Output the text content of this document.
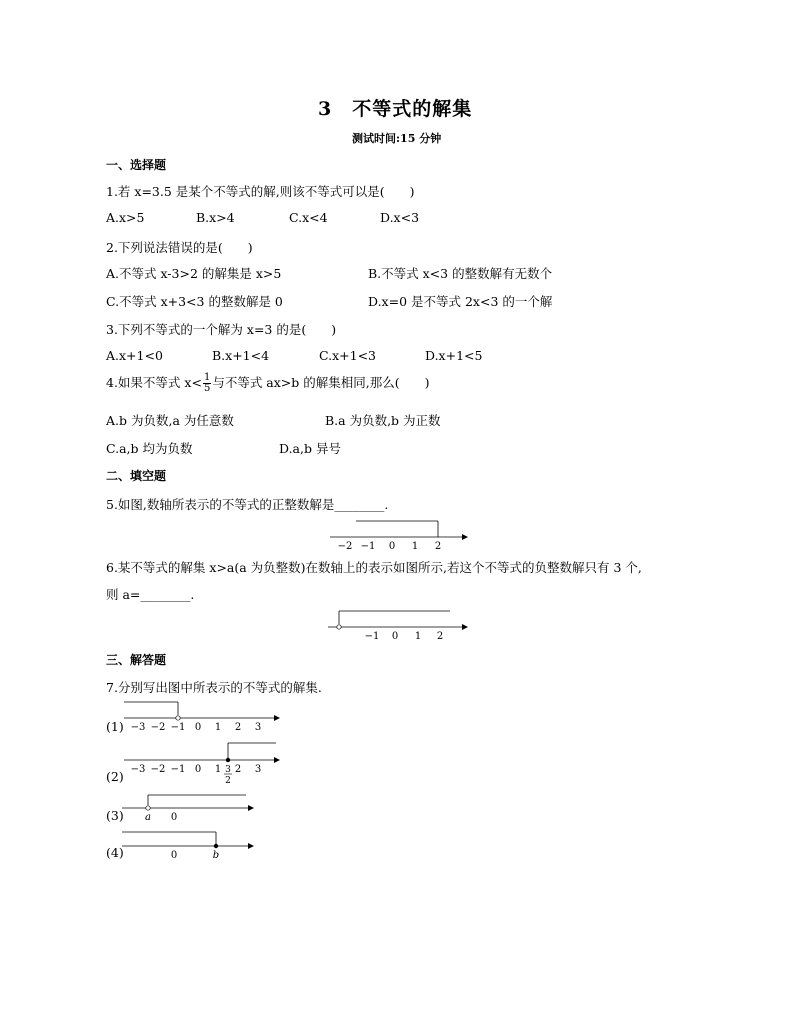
3　不等式的解集
测试时间:15 分钟
一、选择题
1.若 x=3.5 是某个不等式的解,则该不等式可以是(　　)
A.x>5	B.x>4	C.x<4	D.x<3
2.下列说法错误的是(　　)
A.不等式 x-3>2 的解集是 x>5	B.不等式 x<3 的整数解有无数个
C.不等式 x+3<3 的整数解是 0	D.x=0 是不等式 2x<3 的一个解
3.下列不等式的一个解为 x=3 的是(　　)
A.x+1<0	B.x+1<4	C.x+1<3	D.x+1<5
4.如果不等式 $x< \frac{1}{5}$ 与不等式 ax>b 的解集相同,那么(　　)
A.b 为负数,a 为任意数	B.a 为负数,b 为正数
C.a,b 均为负数	D.a,b 异号
二、填空题
5.如图,数轴所表示的不等式的正整数解是________.
−2 −1 0 1 2
6.某不等式的解集 x>a(a 为负整数)在数轴上的表示如图所示,若这个不等式的负整数解只有 3 个,
则 a=________.
−1 0 1 2
三、解答题
7.分别写出图中所表示的不等式的解集.
(1) −3 −2 −1 0 1 2 3
(2) −3 −2 −1 0 1 2 3
3
2
(3) a 0
(4)	0	b
